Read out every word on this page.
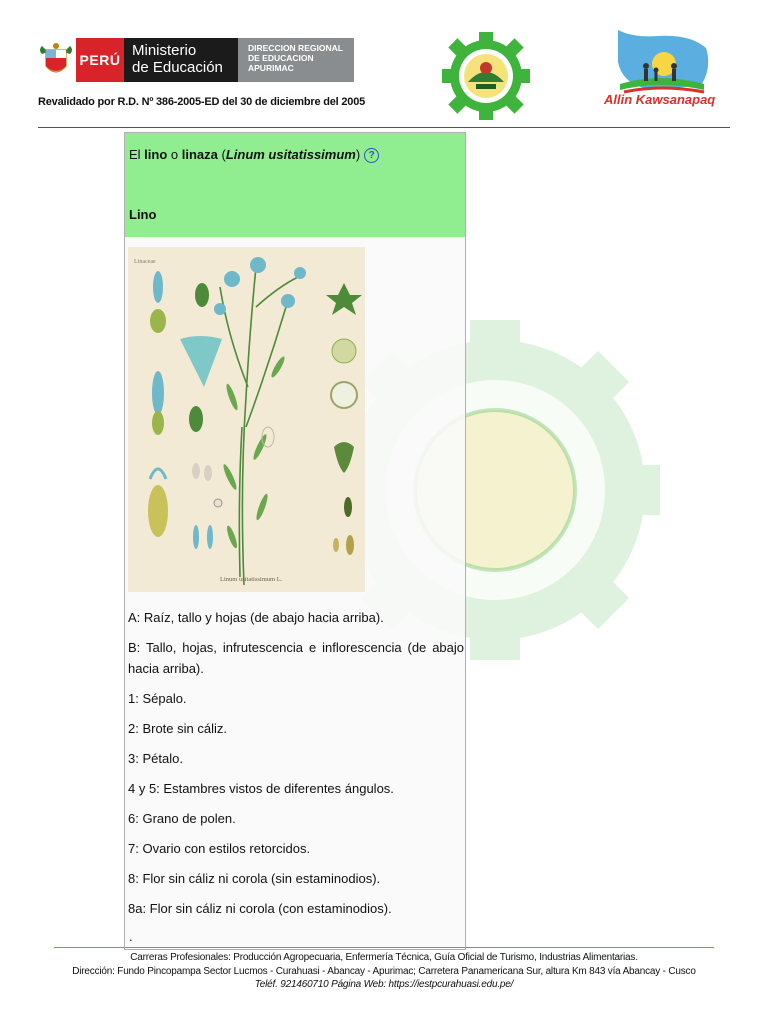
PERÚ
Ministerio
de Educación
DIRECCION REGIONAL
DE EDUCACION
APURIMAC
Revalidado por R.D. Nº 386-2005-ED del 30 de diciembre del 2005	Allin Kawsanapaq
El lino o linaza (Linum usitatissimum) ?
Lino
Linaceae
Linum usitatissimum L.

A: Raíz, tallo y hojas (de abajo hacia arriba).

B: Tallo, hojas, infrutescencia e inflorescencia (de abajo hacia arriba).

1: Sépalo.

2: Brote sin cáliz.

3: Pétalo.

4 y 5: Estambres vistos de diferentes ángulos.

6: Grano de polen.

7: Ovario con estilos retorcidos.

8: Flor sin cáliz ni corola (sin estaminodios).

8a: Flor sin cáliz ni corola (con estaminodios).

.
Carreras Profesionales: Producción Agropecuaria, Enfermería Técnica, Guía Oficial de Turismo, Industrias Alimentarias.
Dirección: Fundo Pincopampa Sector Lucmos - Curahuasi - Abancay - Apurimac; Carretera Panamericana Sur, altura Km 843 vía Abancay - Cusco
Teléf. 921460710 Página Web: https://iestpcurahuasi.edu.pe/
